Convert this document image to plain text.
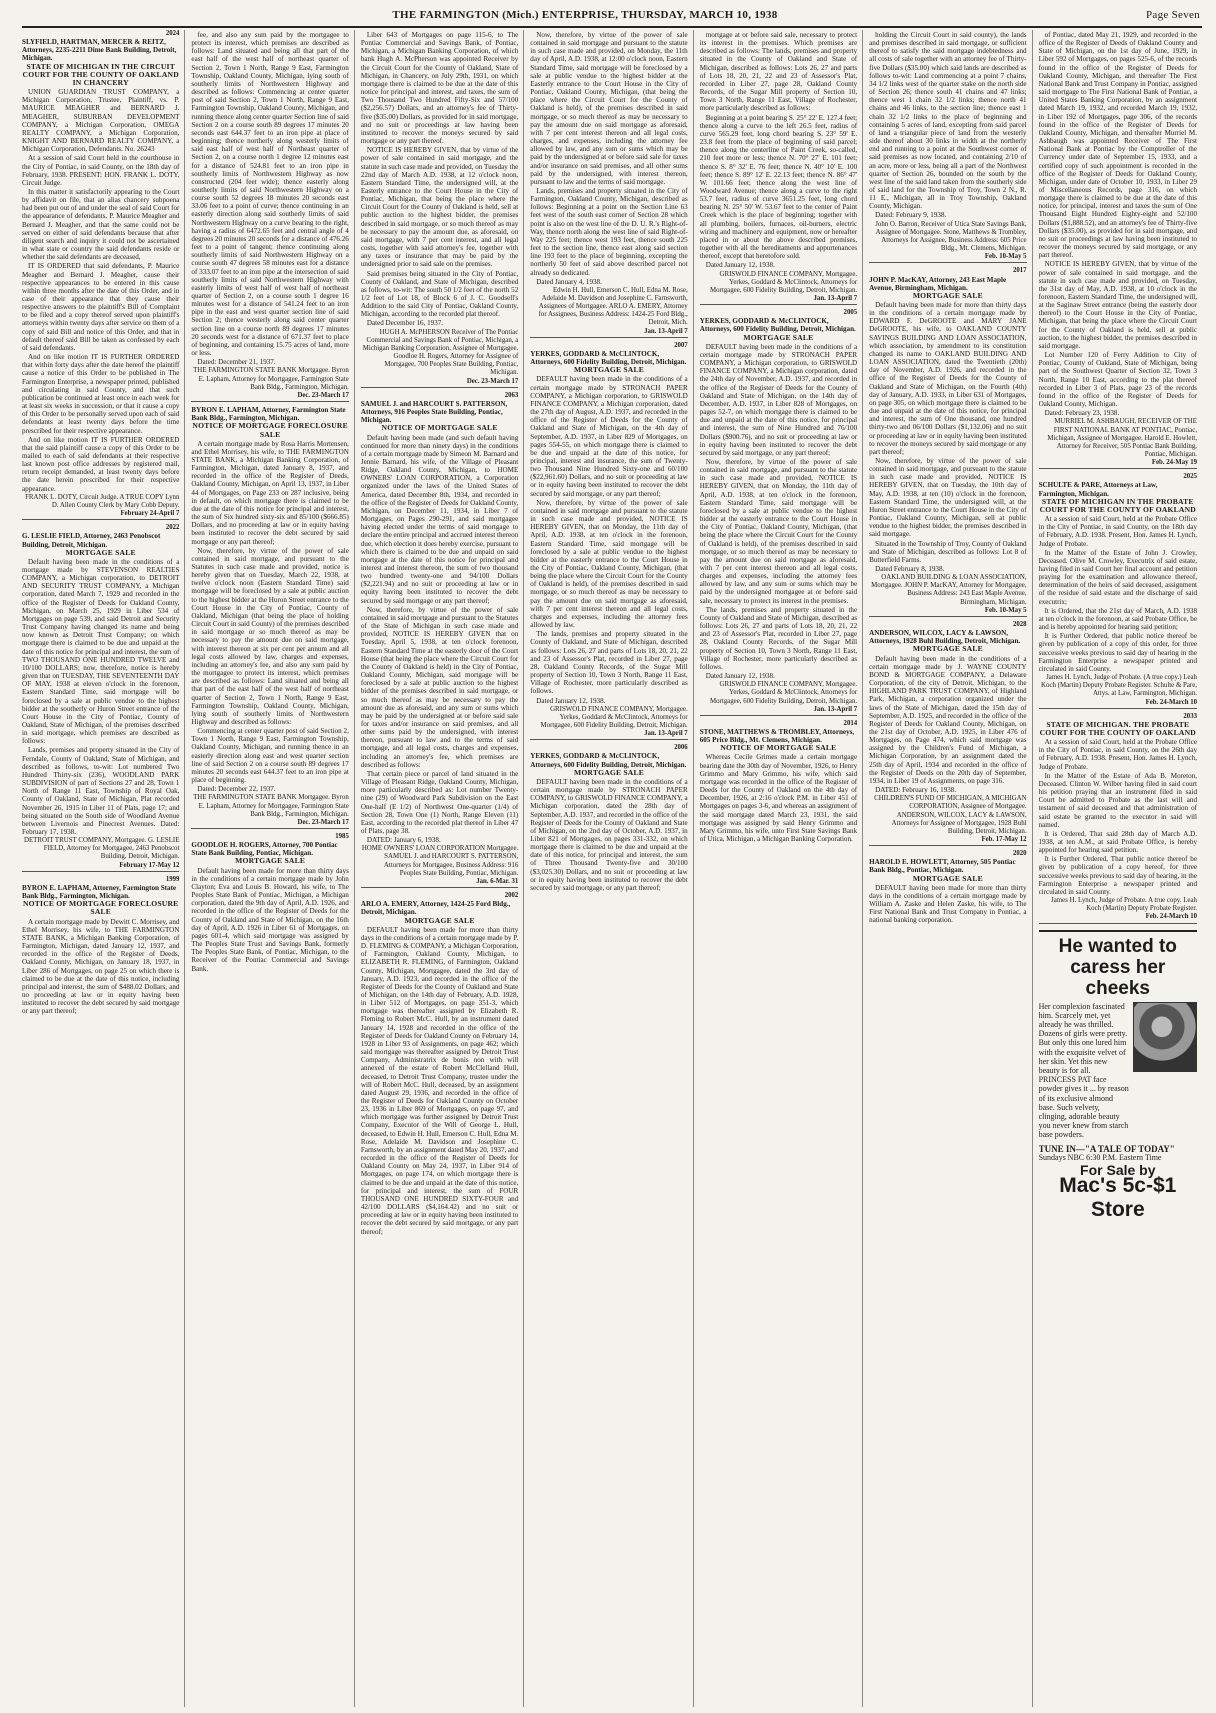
THE FARMINGTON (Mich.) ENTERPRISE, THURSDAY, MARCH 10, 1938	Page Seven
2024
SLYFIELD, HARTMAN, MERCER & REITZ, Attorneys, 2235-2211 Dime Bank Building, Detroit, Michigan.
STATE OF MICHIGAN IN THE CIRCUIT COURT FOR THE COUNTY OF OAKLAND IN CHANCERY
UNION GUARDIAN TRUST COMPANY, a Michigan Corporation, Trustee, Plaintiff, vs. P. MAURICE MEAGHER and BERNARD J. MEAGHER, SUBURBAN DEVELOPMENT COMPANY, a Michigan Corporation, OMEGA REALTY COMPANY, a Michigan Corporation, KNIGHT AND BERNARD REALTY COMPANY, a Michigan Corporation, Defendants. No. 26243
At a session of said Court held in the courthouse in the City of Pontiac, in said County, on the 18th day of February, 1938. PRESENT: HON. FRANK L. DOTY, Circuit Judge.
In this matter it satisfactorily appearing to the Court by affidavit on file, that an alias chancery subpoena had been put out of and under the seal of said Court for the appearance of defendants, P. Maurice Meagher and Bernard J. Meagher, and that the same could not be served on either of said defendants because that after diligent search and inquiry it could not be ascertained in what state or country the said defendants reside or whether the said defendants are deceased,
IT IS ORDERED that said defendants, P. Maurice Meagher and Bernard J. Meagher, cause their respective appearances to be entered in this cause within three months after the date of this Order, and in case of their appearance that they cause their respective answers to the plaintiff's Bill of Complaint to be filed and a copy thereof served upon plaintiff's attorneys within twenty days after service on them of a copy of said Bill and notice of this Order, and that in default thereof said Bill be taken as confessed by each of said defendants.
And on like motion IT IS FURTHER ORDERED that within forty days after the date hereof the plaintiff cause a notice of this Order to be published in The Farmington Enterprise, a newspaper printed, published and circulating in said County, and that such publication be continued at least once in each week for at least six weeks in succession, or that it cause a copy of this Order to be personally served upon each of said defendants at least twenty days before the time prescribed for their respective appearance.
And on like motion IT IS FURTHER ORDERED that the said plaintiff cause a copy of this Order to be mailed to each of said defendants at their respective last known post office addresses by registered mail, return receipt demanded, at least twenty days before the date herein prescribed for their respective appearance.
FRANK L. DOTY, Circuit Judge. A TRUE COPY Lynn D. Allen County Clerk by Mary Cobb Deputy.
February 24-April 7
2022
G. LESLIE FIELD, Attorney, 2463 Penobscot Building, Detroit, Michigan.
MORTGAGE SALE
Default having been made in the conditions of a mortgage made by STEVENSON REALTIES COMPANY, a Michigan corporation, to DETROIT AND SECURITY TRUST COMPANY, a Michigan corporation, dated March 7, 1929 and recorded in the office of the Register of Deeds for Oakland County, Michigan, on March 25, 1929 in Liber 534 of Mortgages on page 539, and said Detroit and Security Trust Company having changed its name and being now known as Detroit Trust Company; on which mortgage there is claimed to be due and unpaid at the date of this notice for principal and interest, the sum of TWO THOUSAND ONE HUNDRED TWELVE and 10/100 DOLLARS; now, therefore, notice is hereby given that on TUESDAY, THE SEVENTEENTH DAY OF MAY, 1938 at eleven o'clock in the forenoon, Eastern Standard Time, said mortgage will be foreclosed by a sale at public vendue to the highest bidder at the southerly or Huron Street entrance of the Court House in the City of Pontiac, County of Oakland, State of Michigan, of the premises described in said mortgage, which premises are described as follows:
Lands, premises and property situated in the City of Ferndale, County of Oakland, State of Michigan, and described as follows, to-wit: Lot numbered Two Hundred Thirty-six (236), WOODLAND PARK SUBDIVISION of part of Sections 27 and 28, Town 1 North of Range 11 East, Township of Royal Oak, County of Oakland, State of Michigan, Plat recorded November 26, 1915 in Liber 11 of Plats, page 17; and being situated on the South side of Woodland Avenue between Livernois and Pinecrest Avenues. Dated: February 17, 1938.
DETROIT TRUST COMPANY, Mortgagee. G. LESLIE FIELD, Attorney for Mortgagee, 2463 Penobscot Building, Detroit, Michigan.
February 17-May 12
1999
BYRON E. LAPHAM, Attorney, Farmington State Bank Bldg., Farmington, Michigan.
NOTICE OF MORTGAGE FORECLOSURE SALE
A certain mortgage made by Dewitt C. Morrisey, and Ethel Morrisey, his wife, to THE FARMINGTON STATE BANK, a Michigan Banking Corporation, of Farmington, Michigan, dated January 12, 1937, and recorded in the office of the Register of Deeds, Oakland County, Michigan, on January 18, 1937, in Liber 286 of Mortgages, on page 25 on which there is claimed to be due at the date of this notice, including principal and interest, the sum of $488.02 Dollars, and no proceeding at law or in equity having been instituted to recover the debt secured by said mortgage or any part thereof;
fee, and also any sum paid by the mortgagee to protect its interest, which premises are described as follows: Land situated and being all that part of the east half of the west half of northeast quarter of Section 2, Town 1 North, Range 9 East, Farmington Township, Oakland County, Michigan, lying south of southerly limits of Northwestern Highway and described as follows: Commencing at center quarter post of said Section 2, Town 1 North, Range 9 East, Farmington Township, Oakland County, Michigan, and running thence along center quarter Section line of said Section 2 on a course south 89 degrees 17 minutes 20 seconds east 644.37 feet to an iron pipe at place of beginning; thence northerly along westerly limits of said east half of west half of Northeast quarter of Section 2, on a course north 1 degree 12 minutes east for a distance of 524.81 feet to an iron pipe in southerly limits of Northwestern Highway as now constructed (204 feet wide); thence easterly along southerly limits of said Northwestern Highway on a course south 52 degrees 18 minutes 20 seconds east 33.06 feet to a point of curve; thence continuing in an easterly direction along said southerly limits of said Northwestern Highway on a curve bearing to the right, having a radius of 6472.65 feet and central angle of 4 degrees 20 minutes 20 seconds for a distance of 476.26 feet to a point of tangent; thence continuing along southerly limits of said Northwestern Highway on a course south 47 degrees 58 minutes east for a distance of 333.07 feet to an iron pipe at the intersection of said southerly limits of said Northwestern Highway with easterly limits of west half of west half of northeast quarter of Section 2, on a course south 1 degree 16 minutes west for a distance of 541.24 feet to an iron pipe in the east and west quarter section line of said Section 2; thence westerly along said center quarter section line on a course north 89 degrees 17 minutes 20 seconds west for a distance of 671.37 feet to place of beginning, and containing 15.75 acres of land, more or less.
Dated: December 21, 1937.
THE FARMINGTON STATE BANK Mortgagee. Byron E. Lapham, Attorney for Mortgagee, Farmington State Bank Bldg., Farmington, Michigan.
Dec. 23-March 17
BYRON E. LAPHAM, Attorney, Farmington State Bank Bldg., Farmington, Michigan.
NOTICE OF MORTGAGE FORECLOSURE SALE
A certain mortgage made by Rosa Harris Mortensen, and Ethel Morrisey, his wife, to THE FARMINGTON STATE BANK, a Michigan Banking Corporation, of Farmington, Michigan, dated January 8, 1937, and recorded in the office of the Register of Deeds, Oakland County, Michigan, on April 13, 1937, in Liber 44 of Mortgages, on Page 233 on 287 inclusive, being in default, on which mortgage there is claimed to be due at the date of this notice for principal and interest, the sum of Six hundred sixty-six and 85/100 ($666.85) Dollars, and no proceeding at law or in equity having been instituted to recover the debt secured by said mortgage or any part thereof;
Now, therefore, by virtue of the power of sale contained in said mortgage, and pursuant to the Statutes in such case made and provided, notice is hereby given that on Tuesday, March 22, 1938, at twelve o'clock noon (Eastern Standard Time) said mortgage will be foreclosed by a sale at public auction to the highest bidder at the Huron Street entrance to the Court House in the City of Pontiac, County of Oakland, Michigan (that being the place of holding Circuit Court in said County) of the premises described in said mortgage or so much thereof as may be necessary to pay the amount due on said mortgage, with interest thereon at six per cent per annum and all legal costs allowed by law, charges and expenses, including an attorney's fee, and also any sum paid by the mortgagee to protect its interest, which premises are described as follows: Land situated and being all that part of the east half of the west half of northeast quarter of Section 2, Town 1 North, Range 9 East, Farmington Township, Oakland County, Michigan, lying south of southerly limits of Northwestern Highway and described as follows:
Commencing at center quarter post of said Section 2, Town 1 North, Range 9 East, Farmington Township, Oakland County, Michigan, and running thence in an easterly direction along east and west quarter section line of said Section 2 on a course south 89 degrees 17 minutes 20 seconds east 644.37 feet to an iron pipe at place of beginning.
Dated: December 22, 1937.
THE FARMINGTON STATE BANK Mortgagee. Byron E. Lapham, Attorney for Mortgagee, Farmington State Bank Bldg., Farmington, Michigan.
Dec. 23-March 17
1985
GOODLOE H. ROGERS, Attorney, 700 Pontiac State Bank Building, Pontiac, Michigan.
MORTGAGE SALE
Default having been made for more than thirty days in the conditions of a certain mortgage made by John Clayton; Eva and Louis B. Howard, his wife, to The Peoples State Bank of Pontiac, Michigan, a Michigan corporation, dated the 9th day of April, A.D. 1926, and recorded in the office of the Register of Deeds for the County of Oakland and State of Michigan, on the 16th day of April, A.D. 1926 in Liber 61 of Mortgages, on pages 601-4, which said mortgage was assigned by The Peoples State Trust and Savings Bank, formerly The Peoples State Bank, of Pontiac, Michigan, to the Receiver of the Pontiac Commercial and Savings Bank.
Liber 643 of Mortgages on page 115-6, to The Pontiac Commercial and Savings Bank, of Pontiac, Michigan, a Michigan Banking Corporation, of which bank Hugh A. McPherson was appointed Receiver by the Circuit Court for the County of Oakland, State of Michigan, in Chancery, on July 29th, 1931, on which mortgage there is claimed to be due at the date of this notice for principal and interest, and taxes, the sum of Two Thousand Two Hundred Fifty-Six and 57/100 ($2,256.57) Dollars, and an attorney's fee of Thirty-five ($35.00) Dollars, as provided for in said mortgage, and no suit or proceedings at law having been instituted to recover the moneys secured by said mortgage or any part thereof.
NOTICE IS HEREBY GIVEN, that by virtue of the power of sale contained in said mortgage, and the statute in such case made and provided, on Tuesday the 22nd day of March A.D. 1938, at 12 o'clock noon, Eastern Standard Time, the undersigned will, at the Easterly entrance to the Court House in the City of Pontiac, Michigan, that being the place where the Circuit Court for the County of Oakland is held, sell at public auction to the highest bidder, the premises described in said mortgage, or so much thereof as may be necessary to pay the amount due, as aforesaid, on said mortgage, with 7 per cent interest, and all legal costs, together with said attorney's fee, together with any taxes or insurance that may be paid by the undersigned prior to said sale on the premises.
Said premises being situated in the City of Pontiac, County of Oakland, and State of Michigan, described as follows, to-wit: The south 50 1/2 feet of the north 52 1/2 feet of Lot 18, of Block 6 of J. C. Goodsell's Addition to the said City of Pontiac, Oakland County, Michigan, according to the recorded plat thereof.
Dated December 16, 1937.
HUGH A. McPHERSON Receiver of The Pontiac Commercial and Savings Bank of Pontiac, Michigan, a Michigan Banking Corporation, Assignee of Mortgagee. Goodloe H. Rogers, Attorney for Assignee of Mortgagee, 700 Peoples State Building, Pontiac, Michigan.
Dec. 23-March 17
2063
SAMUEL J. and HARCOURT S. PATTERSON, Attorneys, 916 Peoples State Building, Pontiac, Michigan.
NOTICE OF MORTGAGE SALE
Default having been made (and such default having continued for more than ninety days) in the conditions of a certain mortgage made by Simeon M. Barnard and Jennie Barnard, his wife, of the Village of Pleasant Ridge, Oakland County, Michigan, to HOME OWNERS' LOAN CORPORATION, a Corporation organized under the laws of the United States of America, dated December 8th, 1934, and recorded in the office of the Register of Deeds for Oakland County, Michigan, on December 11, 1934, in Liber 7 of Mortgages, on Pages 290-291, and said mortgagee having elected under the terms of said mortgage to declare the entire principal and accrued interest thereon due, which election it does hereby exercise, pursuant to which there is claimed to be due and unpaid on said mortgage at the date of this notice for principal and interest and interest thereon, the sum of two thousand two hundred twenty-one and 94/100 Dollars ($2,221.94) and no suit or proceeding at law or in equity having been instituted to recover the debt secured by said mortgage or any part thereof;
Now, therefore, by virtue of the power of sale contained in said mortgage and pursuant to the Statutes of the State of Michigan in such case made and provided, NOTICE IS HEREBY GIVEN that on Tuesday, April 5, 1938, at ten o'clock forenoon, Eastern Standard Time at the easterly door of the Court House (that being the place where the Circuit Court for the County of Oakland is held) in the City of Pontiac, Oakland County, Michigan, said mortgage will be foreclosed by a sale at public auction to the highest bidder of the premises described in said mortgage, or so much thereof as may be necessary to pay the amount due as aforesaid, and any sum or sums which may be paid by the undersigned at or before said sale for taxes and/or insurance on said premises, and all other sums paid by the undersigned, with interest thereon, pursuant to law and to the terms of said mortgage, and all legal costs, charges and expenses, including an attorney's fee, which premises are described as follows:
That certain piece or parcel of land situated in the Village of Pleasant Ridge, Oakland County, Michigan, more particularly described as: Lot number Twenty-nine (29) of Woodward Park Subdivision on the East One-half (E 1/2) of Northwest One-quarter (1/4) of Section 28, Town One (1) North, Range Eleven (11) East, according to the recorded plat thereof in Liber 47 of Plats, page 38.
DATED: January 6, 1938.
HOME OWNERS' LOAN CORPORATION Mortgagee. SAMUEL J. and HARCOURT S. PATTERSON, Attorneys for Mortgagee, Business Address: 916 Peoples State Building, Pontiac, Michigan.
Jan. 6-Mar. 31
2002
ARLO A. EMERY, Attorney, 1424-25 Ford Bldg., Detroit, Michigan.
MORTGAGE SALE
DEFAULT having been made for more than thirty days in the conditions of a certain mortgage made by P. D. FLEMING & COMPANY, a Michigan Corporation, of Farmington, Oakland County, Michigan, to ELIZABETH R. FLEMING, of Farmington, Oakland County, Michigan, Mortgagee, dated the 3rd day of January, A.D. 1923, and recorded in the office of the Register of Deeds for the County of Oakland and State of Michigan, on the 14th day of February, A.D. 1928, in Liber 512 of Mortgages, on page 351-3, which mortgage was thereafter assigned by Elizabeth R. Fleming to Robert McC. Hull, by an instrument dated January 14, 1928 and recorded in the office of the Register of Deeds for Oakland County on February 14, 1928 in Liber 93 of Assignments, on page 462; which said mortgage was thereafter assigned by Detroit Trust Company, Administratrix de bonis non with will annexed of the estate of Robert McClelland Hull, deceased, to Detroit Trust Company, trustee under the will of Robert McC. Hull, deceased, by an assignment dated August 29, 1936, and recorded in the office of the Register of Deeds for Oakland County on October 23, 1936 in Liber 869 of Mortgages, on page 97, and which mortgage was further assigned by Detroit Trust Company, Executor of the Will of George L. Hull, deceased, to Edwin H. Hull, Emerson C. Hull, Edna M. Rose, Adelaide M. Davidson and Josephine C. Farnsworth, by an assignment dated May 20, 1937, and recorded in the office of the Register of Deeds for Oakland County on May 24, 1937, in Liber 914 of Mortgages, on page 174, on which mortgage there is claimed to be due and unpaid at the date of this notice, for principal and interest, the sum of FOUR THOUSAND ONE HUNDRED SIXTY-FOUR and 42/100 DOLLARS ($4,164.42) and no suit or proceeding at law or in equity having been instituted to recover the debt secured by said mortgage, or any part thereof;
Now, therefore, by virtue of the power of sale contained in said mortgage and pursuant to the statute in such case made and provided, on Monday, the 11th day of April, A.D. 1938, at 12:00 o'clock noon, Eastern Standard Time, said mortgage will be foreclosed by a sale at public vendue to the highest bidder at the Easterly entrance to the Court House in the City of Pontiac, Oakland County, Michigan, (that being the place where the Circuit Court for the County of Oakland is held), of the premises described in said mortgage, or so much thereof as may be necessary to pay the amount due on said mortgage as aforesaid, with 7 per cent interest thereon and all legal costs, charges, and expenses, including the attorney fee allowed by law, and any sum or sums which may be paid by the undersigned at or before said sale for taxes and/or insurance on said premises, and all other sums paid by the undersigned, with interest thereon, pursuant to law and the terms of said mortgage.
Lands, premises and property situated in the City of Farmington, Oakland County, Michigan, described as follows: Beginning at a point on the Section Line 63 feet west of the south east corner of Section 28 which point is also on the west line of the D. U. R.'s Right-of-Way, thence north along the west line of said Right-of-Way 225 feet; thence west 193 feet, thence south 225 feet to the section line, thence east along said section line 193 feet to the place of beginning, excepting the northerly 50 feet of said above described parcel not already so dedicated.
Dated January 4, 1938.
Edwin H. Hull, Emerson C. Hull, Edna M. Rose, Adelaide M. Davidson and Josephine C. Farnsworth, Assignees of Mortgagee. ARLO A. EMERY, Attorney for Assignees, Business Address: 1424-25 Ford Bldg., Detroit, Mich.
Jan. 13-April 7
2007
YERKES, GODDARD & McCLINTOCK, Attorneys, 600 Fidelity Building, Detroit, Michigan.
MORTGAGE SALE
DEFAULT having been made in the conditions of a certain mortgage made by STRONACH PAPER COMPANY, a Michigan corporation, to GRISWOLD FINANCE COMPANY, a Michigan corporation, dated the 27th day of August, A.D. 1937, and recorded in the office of the Register of Deeds for the County of Oakland and State of Michigan, on the 4th day of September, A.D. 1937, in Liber 829 of Mortgages, on pages 554-55, on which mortgage there is claimed to be due and unpaid at the date of this notice, for principal, interest and insurance, the sum of Twenty-two Thousand Nine Hundred Sixty-one and 60/100 ($22,961.60) Dollars, and no suit or proceeding at law or in equity having been instituted to recover the debt secured by said mortgage, or any part thereof;
Now, therefore, by virtue of the power of sale contained in said mortgage and pursuant to the statute in such case made and provided, NOTICE IS HEREBY GIVEN, that on Monday, the 11th day of April, A.D. 1938, at ten o'clock in the forenoon, Eastern Standard Time, said mortgage will be foreclosed by a sale at public vendue to the highest bidder at the easterly entrance to the Court House in the City of Pontiac, Oakland County, Michigan, (that being the place where the Circuit Court for the County of Oakland is held), of the premises described in said mortgage, or so much thereof as may be necessary to pay the amount due on said mortgage as aforesaid, with 7 per cent interest thereon and all legal costs, charges and expenses, including the attorney fees allowed by law.
The lands, premises and property situated in the County of Oakland, and State of Michigan, described as follows: Lots 26, 27 and parts of Lots 18, 20, 21, 22 and 23 of Assessor's Plat, recorded in Liber 27, page 28, Oakland County Records, of the Sugar Mill property of Section 10, Town 3 North, Range 11 East, Village of Rochester, more particularly described as follows.
Dated January 12, 1938.
GRISWOLD FINANCE COMPANY, Mortgagee. Yerkes, Goddard & McClintock, Attorneys for Mortgagee, 600 Fidelity Building, Detroit, Michigan.
Jan. 13-April 7
2006
YERKES, GODDARD & McCLINTOCK, Attorneys, 600 Fidelity Building, Detroit, Michigan.
MORTGAGE SALE
DEFAULT having been made in the conditions of a certain mortgage made by STRONACH PAPER COMPANY, to GRISWOLD FINANCE COMPANY, a Michigan corporation, dated the 28th day of September, A.D. 1937, and recorded in the office of the Register of Deeds for the County of Oakland and State of Michigan, on the 2nd day of October, A.D. 1937, in Liber 821 of Mortgages, on pages 331-332, on which mortgage there is claimed to be due and unpaid at the date of this notice, for principal and interest, the sum of Three Thousand Twenty-five and 30/100 ($3,025.30) Dollars, and no suit or proceeding at law or in equity having been instituted to recover the debt secured by said mortgage, or any part thereof;
mortgage at or before said sale, necessary to protect its interest in the premises. Which premises are described as follows: The lands, premises and property situated in the County of Oakland and State of Michigan, described as follows: Lots 26, 27 and parts of Lots 18, 20, 21, 22 and 23 of Assessor's Plat, recorded in Liber 27, page 28, Oakland County Records, of the Sugar Mill property of Section 10, Town 3 North, Range 11 East, Village of Rochester, more particularly described as follows:
Beginning at a point bearing S. 25° 22' E. 127.4 feet; thence along a curve to the left 26.5 feet, radius of curve 565.29 feet, long chord bearing S. 23° 59' E. 23.8 feet from the place of beginning of said parcel; thence along the centerline of Paint Creek, so-called, 210 feet more or less; thence N. 70° 27' E. 101 feet; thence S. 8° 32' E. 76 feet; thence N. 40° 10' E. 100 feet; thence S. 89° 12' E. 22.13 feet; thence N. 86° 47' W. 101.66 feet; thence along the west line of Woodward Avenue; thence along a curve to the right 53.7 feet, radius of curve 3651.25 feet, long chord bearing N. 25° 50' W. 53.67 feet to the center of Paint Creek which is the place of beginning; together with all plumbing, boilers, furnaces, oil-burners, electric wiring and machinery and equipment, now or hereafter placed in or about the above described premises, together with all the hereditaments and appurtenances thereof, except that heretofore sold.
Dated January 12, 1938.
GRISWOLD FINANCE COMPANY, Mortgagee. Yerkes, Goddard & McClintock, Attorneys for Mortgagee, 600 Fidelity Building, Detroit, Michigan.
Jan. 13-April 7
2005
YERKES, GODDARD & McCLINTOCK, Attorneys, 600 Fidelity Building, Detroit, Michigan.
MORTGAGE SALE
DEFAULT having been made in the conditions of a certain mortgage made by STRONACH PAPER COMPANY, a Michigan corporation, to GRISWOLD FINANCE COMPANY, a Michigan corporation, dated the 24th day of November, A.D. 1937, and recorded in the office of the Register of Deeds for the County of Oakland and State of Michigan, on the 14th day of December, A.D. 1937, in Liber 828 of Mortgages, on pages 52-7, on which mortgage there is claimed to be due and unpaid at the date of this notice, for principal and interest, the sum of Nine Hundred and 76/100 Dollars ($900.76), and no suit or proceeding at law or in equity having been instituted to recover the debt secured by said mortgage, or any part thereof;
Now, therefore, by virtue of the power of sale contained in said mortgage, and pursuant to the statute in such case made and provided, NOTICE IS HEREBY GIVEN, that on Monday, the 11th day of April, A.D. 1938, at ten o'clock in the forenoon, Eastern Standard Time, said mortgage will be foreclosed by a sale at public vendue to the highest bidder at the easterly entrance to the Court House in the City of Pontiac, Oakland County, Michigan, (that being the place where the Circuit Court for the County of Oakland is held), of the premises described in said mortgage, or so much thereof as may be necessary to pay the amount due on said mortgage as aforesaid, with 7 per cent interest thereon and all legal costs, charges and expenses, including the attorney fees allowed by law, and any sum or sums which may be paid by the undersigned mortgagee at or before said sale, necessary to protect its interest in the premises.
The lands, premises and property situated in the County of Oakland and State of Michigan, described as follows: Lots 26, 27 and parts of Lots 18, 20, 21, 22 and 23 of Assessor's Plat, recorded in Liber 27, page 28, Oakland County Records, of the Sugar Mill property of Section 10, Town 3 North, Range 11 East, Village of Rochester, more particularly described as follows.
Dated January 12, 1938.
GRISWOLD FINANCE COMPANY, Mortgagee. Yerkes, Goddard & McClintock, Attorneys for Mortgagee, 600 Fidelity Building, Detroit, Michigan.
Jan. 13-April 7
2014
STONE, MATTHEWS & TROMBLEY, Attorneys, 605 Price Bldg., Mt. Clemens, Michigan.
NOTICE OF MORTGAGE SALE
Whereas Cecile Grimes made a certain mortgage bearing date the 30th day of November, 1926, to Henry Grimmo and Mary Grimmo, his wife, which said mortgage was recorded in the office of the Register of Deeds for the County of Oakland on the 4th day of December, 1926, at 2:16 o'clock P.M. in Liber 451 of Mortgages on pages 3-6, and whereas an assignment of the said mortgage dated March 23, 1931, the said mortgage was assigned by said Henry Grimmo and Mary Grimmo, his wife, unto First State Savings Bank of Utica, Michigan, a Michigan Banking Corporation.
holding the Circuit Court in said county), the lands and premises described in said mortgage, or sufficient thereof to satisfy the said mortgage indebtedness and all costs of sale together with an attorney fee of Thirty-five Dollars ($35.00) which said lands are described as follows to-wit: Land commencing at a point 7 chains, 34 1/2 links west of the quarter stake on the north side of Section 26; thence south 41 chains and 47 links; thence west 1 chain 32 1/2 links; thence north 41 chains and 46 links, to the section line; thence east 1 chain 32 1/2 links to the place of beginning and containing 5 acres of land, excepting from said parcel of land a triangular piece of land from the westerly side thereof about 30 links in width at the northerly end and running to a point at the Southwest corner of said premises as now located, and containing 2/10 of an acre, more or less, being all a part of the Northwest quarter of Section 26, bounded on the south by the west line of the said land taken from the southerly side of said land for the Township of Troy, Town 2 N., R. 11 E., Michigan, all in Troy Township, Oakland County, Michigan.
Dated: February 9, 1938.
John O. Barron, Receiver of Utica State Savings Bank, Assignee of Mortgagee. Stone, Matthews & Trombley, Attorneys for Assignee, Business Address: 605 Price Bldg., Mt. Clemens, Michigan.
Feb. 10-May 5
2017
JOHN P. MacKAY, Attorney, 243 East Maple Avenue, Birmingham, Michigan.
MORTGAGE SALE
Default having been made for more than thirty days in the conditions of a certain mortgage made by EDWARD F. DeGROOTE and MARY JANE DeGROOTE, his wife, to OAKLAND COUNTY SAVINGS BUILDING AND LOAN ASSOCIATION, which association, by amendment to its constitution changed its name to OAKLAND BUILDING AND LOAN ASSOCIATION, dated the Twentieth (20th) day of November, A.D. 1926, and recorded in the office of the Register of Deeds for the County of Oakland and State of Michigan, on the Fourth (4th) day of January, A.D. 1933, in Liber 631 of Mortgages, on page 305, on which mortgage there is claimed to be due and unpaid at the date of this notice, for principal and interest, the sum of One thousand, one hundred thirty-two and 06/100 Dollars ($1,132.06) and no suit or proceeding at law or in equity having been instituted to recover the moneys secured by said mortgage or any part thereof;
Now, therefore, by virtue of the power of sale contained in said mortgage, and pursuant to the statute in such case made and provided, NOTICE IS HEREBY GIVEN, that on Tuesday, the 10th day of May, A.D. 1938, at ten (10) o'clock in the forenoon, Eastern Standard Time, the undersigned will, at the Huron Street entrance to the Court House in the City of Pontiac, Oakland County, Michigan, sell at public vendue to the highest bidder, the premises described in said mortgage.
Situated in the Township of Troy, County of Oakland and State of Michigan, described as follows: Lot 8 of Butterfield Farms.
Dated February 8, 1938.
OAKLAND BUILDING & LOAN ASSOCIATION, Mortgagee. JOHN P. MacKAY, Attorney for Mortgagee, Business Address: 243 East Maple Avenue, Birmingham, Michigan.
Feb. 10-May 5
2028
ANDERSON, WILCOX, LACY & LAWSON, Attorneys, 1928 Buhl Building, Detroit, Michigan.
MORTGAGE SALE
Default having been made in the conditions of a certain mortgage made by J. WAYNE COUNTY BOND & MORTGAGE COMPANY, a Delaware Corporation, of the city of Detroit, Michigan, to the HIGHLAND PARK TRUST COMPANY, of Highland Park, Michigan, a corporation organized under the laws of the State of Michigan, dated the 15th day of September, A.D. 1925, and recorded in the office of the Register of Deeds for Oakland County, Michigan, on the 21st day of October, A.D. 1925, in Liber 476 of Mortgages, on Page 474, which said mortgage was assigned by the Children's Fund of Michigan, a Michigan Corporation, by an assignment dated the 25th day of April, 1934 and recorded in the office of the Register of Deeds on the 20th day of September, 1934, in Liber 19 of Assignments, on page 316.
DATED: February 16, 1938.
CHILDREN'S FUND OF MICHIGAN, A MICHIGAN CORPORATION, Assignee of Mortgagee. ANDERSON, WILCOX, LACY & LAWSON, Attorneys for Assignee of Mortgagee, 1928 Buhl Building, Detroit, Michigan.
Feb. 17-May 12
2020
HAROLD E. HOWLETT, Attorney, 505 Pontiac Bank Bldg., Pontiac, Michigan.
MORTGAGE SALE
DEFAULT having been made for more than thirty days in the conditions of a certain mortgage made by William A. Zaske and Helen Zaske, his wife, to The First National Bank and Trust Company in Pontiac, a national banking corporation.
of Pontiac, dated May 21, 1929, and recorded in the office of the Register of Deeds of Oakland County and State of Michigan, on the 1st day of June, 1929, in Liber 592 of Mortgages, on pages 525-6, of the records found in the office of the Register of Deeds for Oakland County, Michigan, and thereafter The First National Bank and Trust Company in Pontiac, assigned said mortgage to The First National Bank of Pontiac, a United States Banking Corporation, by an assignment dated March 19, 1932, and recorded March 19, 1932, in Liber 192 of Mortgages, page 306, of the records found in the office of the Register of Deeds for Oakland County, Michigan, and thereafter Murriel M. Ashbaugh was appointed Receiver of The First National Bank at Pontiac by the Comptroller of the Currency under date of September 15, 1933, and a certified copy of such appointment is recorded in the office of the Register of Deeds for Oakland County, Michigan, under date of October 10, 1933, in Liber 29 of Miscellaneous Records, page 316, on which mortgage there is claimed to be due at the date of this notice, for principal, interest and taxes the sum of One Thousand Eight Hundred Eighty-eight and 52/100 Dollars ($1,888.52), and an attorney's fee of Thirty-five Dollars ($35.00), as provided for in said mortgage, and no suit or proceedings at law having been instituted to recover the moneys secured by said mortgage, or any part thereof.
NOTICE IS HEREBY GIVEN, that by virtue of the power of sale contained in said mortgage, and the statute in such case made and provided, on Tuesday, the 31st day of May, A.D. 1938, at 10 o'clock in the forenoon, Eastern Standard Time, the undersigned will, at the Saginaw Street entrance (being the easterly door thereof) to the Court House in the City of Pontiac, Michigan, that being the place where the Circuit Court for the County of Oakland is held, sell at public auction, to the highest bidder, the premises described in said mortgage.
Lot Number 120 of Ferry Addition to City of Pontiac, County of Oakland, State of Michigan, being part of the Southwest Quarter of Section 32, Town 3 North, Range 10 East, according to the plat thereof recorded in Liber 3 of Plats, page 23 of the records found in the office of the Register of Deeds for Oakland County, Michigan.
Dated: February 23, 1938.
MURRIEL M. ASHBAUGH, RECEIVER OF THE FIRST NATIONAL BANK AT PONTIAC, Pontiac, Michigan, Assignee of Mortgagee. Harold E. Howlett, Attorney for Receiver, 505 Pontiac Bank Building, Pontiac, Michigan.
Feb. 24-May 19
2025
SCHULTE & PARE, Attorneys at Law, Farmington, Michigan.
STATE OF MICHIGAN IN THE PROBATE COURT FOR THE COUNTY OF OAKLAND
At a session of said Court, held at the Probate Office in the City of Pontiac, in said County, on the 18th day of February, A.D. 1938. Present, Hon. James H. Lynch, Judge of Probate.
In the Matter of the Estate of John J. Crowley, Deceased. Olive M. Crowley, Executrix of said estate, having filed in said Court her final account and petition praying for the examination and allowance thereof, determination of the heirs of said deceased, assignment of the residue of said estate and the discharge of said executrix;
It is Ordered, that the 21st day of March, A.D. 1938 at ten o'clock in the forenoon, at said Probate Office, be and is hereby appointed for hearing said petition;
It is Further Ordered, that public notice thereof be given by publication of a copy of this order, for three successive weeks previous to said day of hearing in the Farmington Enterprise a newspaper printed and circulated in said County.
James H. Lynch, Judge of Probate. (A true copy.) Leah Koch (Martin) Deputy Probate Register. Schulte & Pare, Attys. at Law, Farmington, Michigan.
Feb. 24-March 10
2033
STATE OF MICHIGAN. THE PROBATE COURT FOR THE COUNTY OF OAKLAND
At a session of said Court, held at the Probate Office in the City of Pontiac, in said County, on the 26th day of February, A.D. 1938. Present, Hon. James H. Lynch, Judge of Probate.
In the Matter of the Estate of Ada B. Moreton, Deceased. Clinton W. Wilber having filed in said court his petition praying that an instrument filed in said Court be admitted to Probate as the last will and testament of said deceased and that administration of said estate be granted to the executor in said will named.
It is Ordered, That said 28th day of March A.D. 1938, at ten A.M., at said Probate Office, is hereby appointed for hearing said petition.
It is Further Ordered, That public notice thereof be given by publication of a copy hereof, for three successive weeks previous to said day of hearing, in the Farmington Enterprise a newspaper printed and circulated in said County.
James H. Lynch, Judge of Probate. A true copy. Leah Koch (Martin) Deputy Probate Register.
Feb. 24-March 10
He wanted to caress her cheeks
Her complexion fascinated him. Scarcely met, yet already he was thrilled. Dozens of girls were pretty. But only this one lured him with the exquisite velvet of her skin. Yet this new beauty is for all. PRINCESS PAT face powder gives it ... by reason of its exclusive almond base. Such velvety, clinging, adorable beauty you never knew from starch base powders.
TUNE IN—"A TALE OF TODAY"
Sundays NBC 6:30 P.M. Eastern Time
For Sale by
Mac's 5c-$1 Store
